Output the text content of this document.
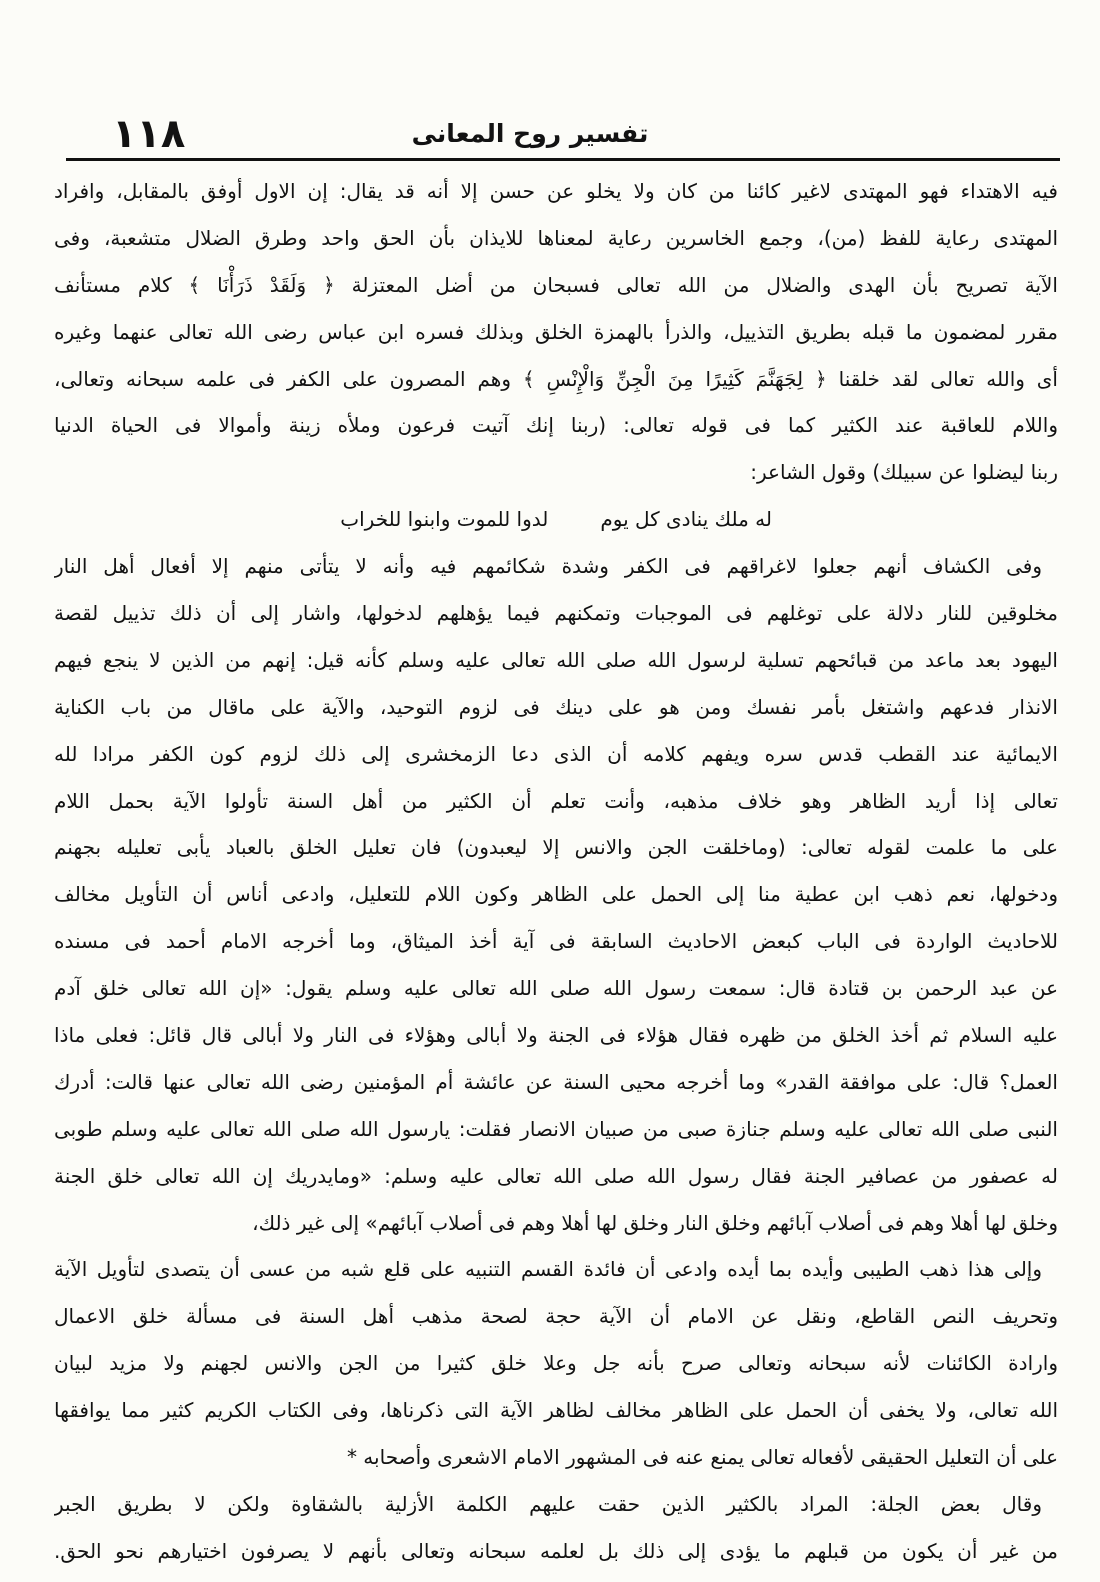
١١٨	تفسير روح المعانى
فيه الاهتداء فهو المهتدى لاغير كائنا من كان ولا يخلو عن حسن إلا أنه قد يقال: إن الاول أوفق بالمقابل، وافراد
المهتدى رعاية للفظ (من)، وجمع الخاسرين رعاية لمعناها للايذان بأن الحق واحد وطرق الضلال متشعبة، وفى
الآية تصريح بأن الهدى والضلال من الله تعالى فسبحان من أضل المعتزلة ﴿ وَلَقَدْ ذَرَأْنَا ﴾ كلام مستأنف
مقرر لمضمون ما قبله بطريق التذييل، والذرأ بالهمزة الخلق وبذلك فسره ابن عباس رضى الله تعالى عنهما وغيره
أى والله تعالى لقد خلقنا ﴿ لِجَهَنَّمَ كَثِيرًا مِنَ الْجِنِّ وَالْإِنْسِ ﴾ وهم المصرون على الكفر فى علمه سبحانه وتعالى،
واللام للعاقبة عند الكثير كما فى قوله تعالى: (ربنا إنك آتيت فرعون وملأه زينة وأموالا فى الحياة الدنيا
ربنا ليضلوا عن سبيلك) وقول الشاعر:
له ملك ينادى كل يوم
لدوا للموت وابنوا للخراب
وفى الكشاف أنهم جعلوا لاغراقهم فى الكفر وشدة شكائمهم فيه وأنه لا يتأتى منهم إلا أفعال أهل النار
مخلوقين للنار دلالة على توغلهم فى الموجبات وتمكنهم فيما يؤهلهم لدخولها، واشار إلى أن ذلك تذييل لقصة
اليهود بعد ماعد من قبائحهم تسلية لرسول الله صلى الله تعالى عليه وسلم كأنه قيل: إنهم من الذين لا ينجع فيهم
الانذار فدعهم واشتغل بأمر نفسك ومن هو على دينك فى لزوم التوحيد، والآية على ماقال من باب الكناية
الايمائية عند القطب قدس سره ويفهم كلامه أن الذى دعا الزمخشرى إلى ذلك لزوم كون الكفر مرادا لله
تعالى إذا أريد الظاهر وهو خلاف مذهبه، وأنت تعلم أن الكثير من أهل السنة تأولوا الآية بحمل اللام
على ما علمت لقوله تعالى: (وماخلقت الجن والانس إلا ليعبدون) فان تعليل الخلق بالعباد يأبى تعليله بجهنم
ودخولها، نعم ذهب ابن عطية منا إلى الحمل على الظاهر وكون اللام للتعليل، وادعى أناس أن التأويل مخالف
للاحاديث الواردة فى الباب كبعض الاحاديث السابقة فى آية أخذ الميثاق، وما أخرجه الامام أحمد فى مسنده
عن عبد الرحمن بن قتادة قال: سمعت رسول الله صلى الله تعالى عليه وسلم يقول: «إن الله تعالى خلق آدم
عليه السلام ثم أخذ الخلق من ظهره فقال هؤلاء فى الجنة ولا أبالى وهؤلاء فى النار ولا أبالى قال قائل: فعلى ماذا
العمل؟ قال: على موافقة القدر» وما أخرجه محيى السنة عن عائشة أم المؤمنين رضى الله تعالى عنها قالت: أدرك
النبى صلى الله تعالى عليه وسلم جنازة صبى من صبيان الانصار فقلت: يارسول الله صلى الله تعالى عليه وسلم طوبى
له عصفور من عصافير الجنة فقال رسول الله صلى الله تعالى عليه وسلم: «ومايدريك إن الله تعالى خلق الجنة
وخلق لها أهلا وهم فى أصلاب آبائهم وخلق النار وخلق لها أهلا وهم فى أصلاب آبائهم» إلى غير ذلك،
وإلى هذا ذهب الطيبى وأيده بما أيده وادعى أن فائدة القسم التنبيه على قلع شبه من عسى أن يتصدى لتأويل الآية
وتحريف النص القاطع، ونقل عن الامام أن الآية حجة لصحة مذهب أهل السنة فى مسألة خلق الاعمال
وارادة الكائنات لأنه سبحانه وتعالى صرح بأنه جل وعلا خلق كثيرا من الجن والانس لجهنم ولا مزيد لبيان
الله تعالى، ولا يخفى أن الحمل على الظاهر مخالف لظاهر الآية التى ذكرناها، وفى الكتاب الكريم كثير مما يوافقها
على أن التعليل الحقيقى لأفعاله تعالى يمنع عنه فى المشهور الامام الاشعرى وأصحابه *
وقال بعض الجلة: المراد بالكثير الذين حقت عليهم الكلمة الأزلية بالشقاوة ولكن لا بطريق الجبر
من غير أن يكون من قبلهم ما يؤدى إلى ذلك بل لعلمه سبحانه وتعالى بأنهم لا يصرفون اختيارهم نحو الحق.
